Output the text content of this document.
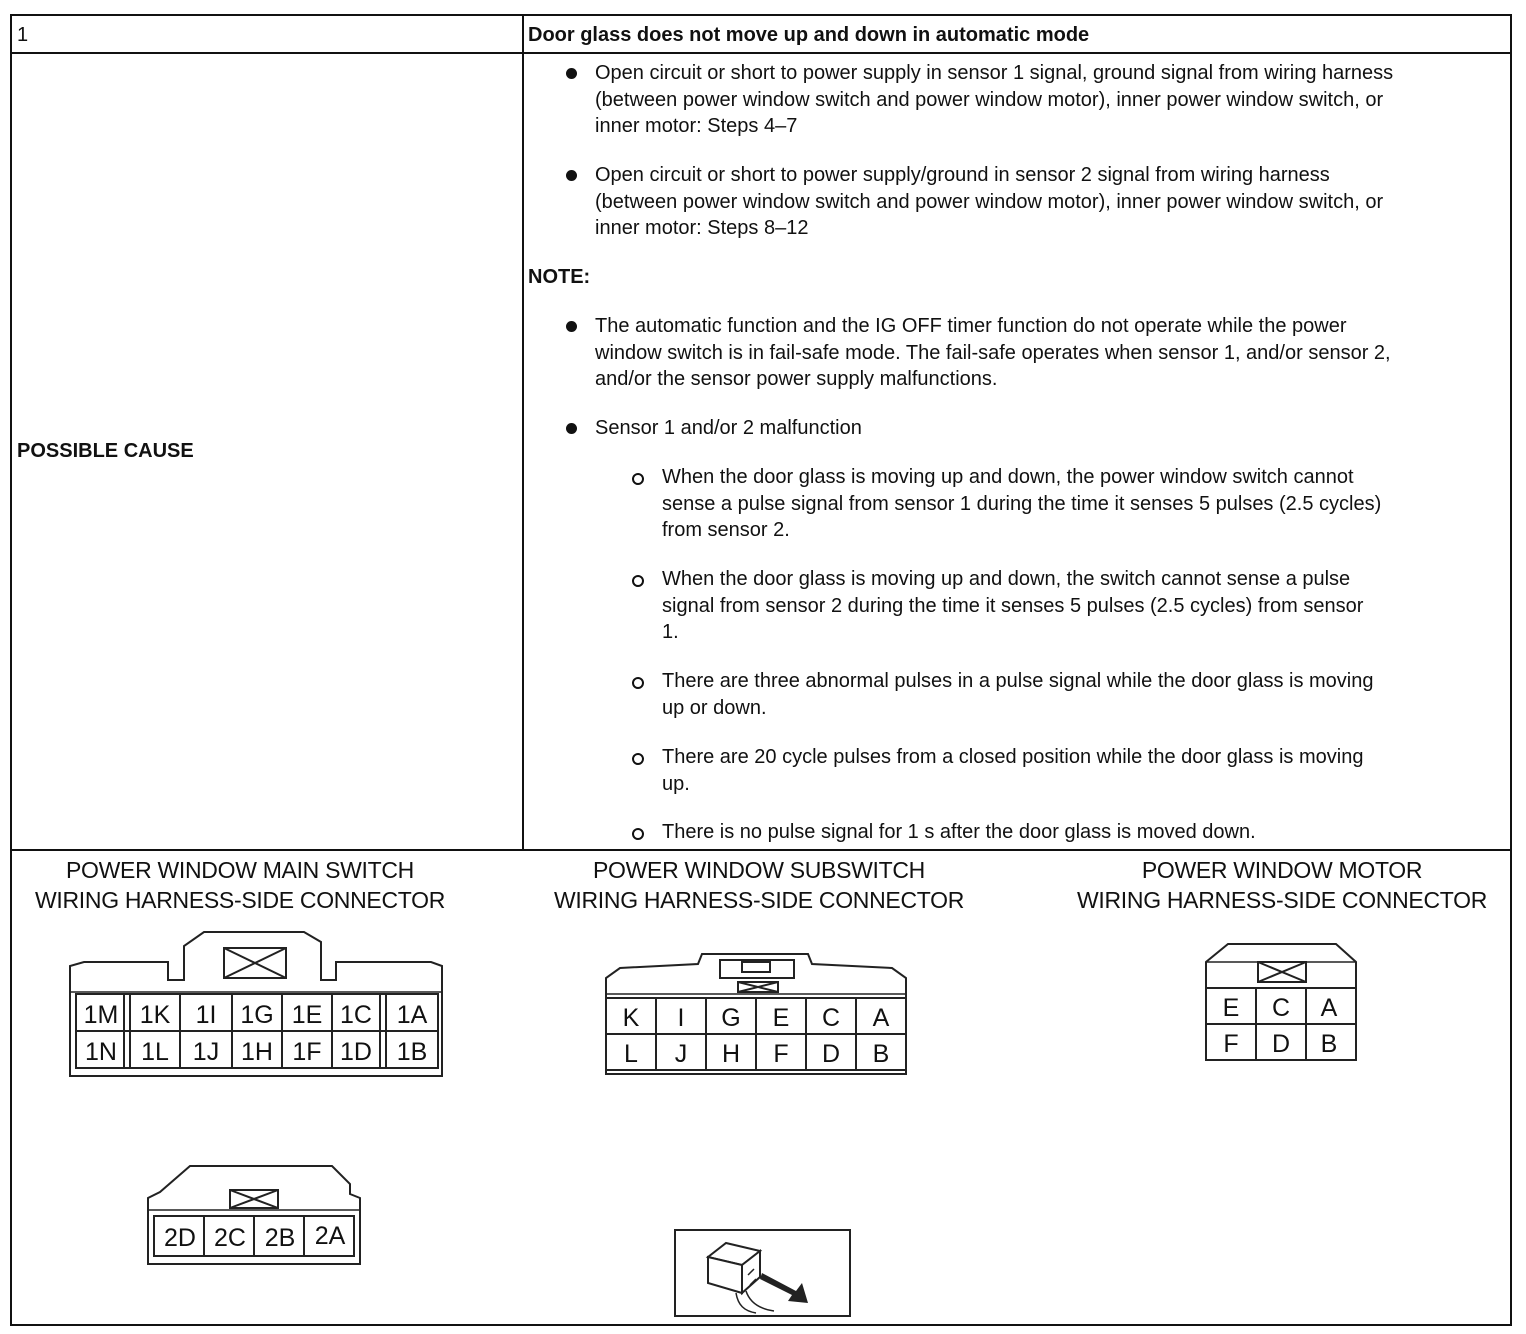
1	Door glass does not move up and down in automatic mode
POSSIBLE CAUSE
Open circuit or short to power supply in sensor 1 signal, ground signal from wiring harness
(between power window switch and power window motor), inner power window switch, or
inner motor: Steps 4–7
Open circuit or short to power supply/ground in sensor 2 signal from wiring harness
(between power window switch and power window motor), inner power window switch, or
inner motor: Steps 8–12
NOTE:
The automatic function and the IG OFF timer function do not operate while the power
window switch is in fail-safe mode. The fail-safe operates when sensor 1, and/or sensor 2,
and/or the sensor power supply malfunctions.
Sensor 1 and/or 2 malfunction
When the door glass is moving up and down, the power window switch cannot
sense a pulse signal from sensor 1 during the time it senses 5 pulses (2.5 cycles)
from sensor 2.
When the door glass is moving up and down, the switch cannot sense a pulse
signal from sensor 2 during the time it senses 5 pulses (2.5 cycles) from sensor
1.
There are three abnormal pulses in a pulse signal while the door glass is moving
up or down.
There are 20 cycle pulses from a closed position while the door glass is moving
up.
There is no pulse signal for 1 s after the door glass is moved down.
POWER WINDOW MAIN SWITCH
WIRING HARNESS-SIDE CONNECTOR
POWER WINDOW SUBSWITCH
WIRING HARNESS-SIDE CONNECTOR
POWER WINDOW MOTOR
WIRING HARNESS-SIDE CONNECTOR
1M 1K 1I 1G 1E 1C 1A
1N 1L 1J 1H 1F 1D 1B
2D 2C 2B 2A
K I G E C A
L J H F D B
E C A
F D B
